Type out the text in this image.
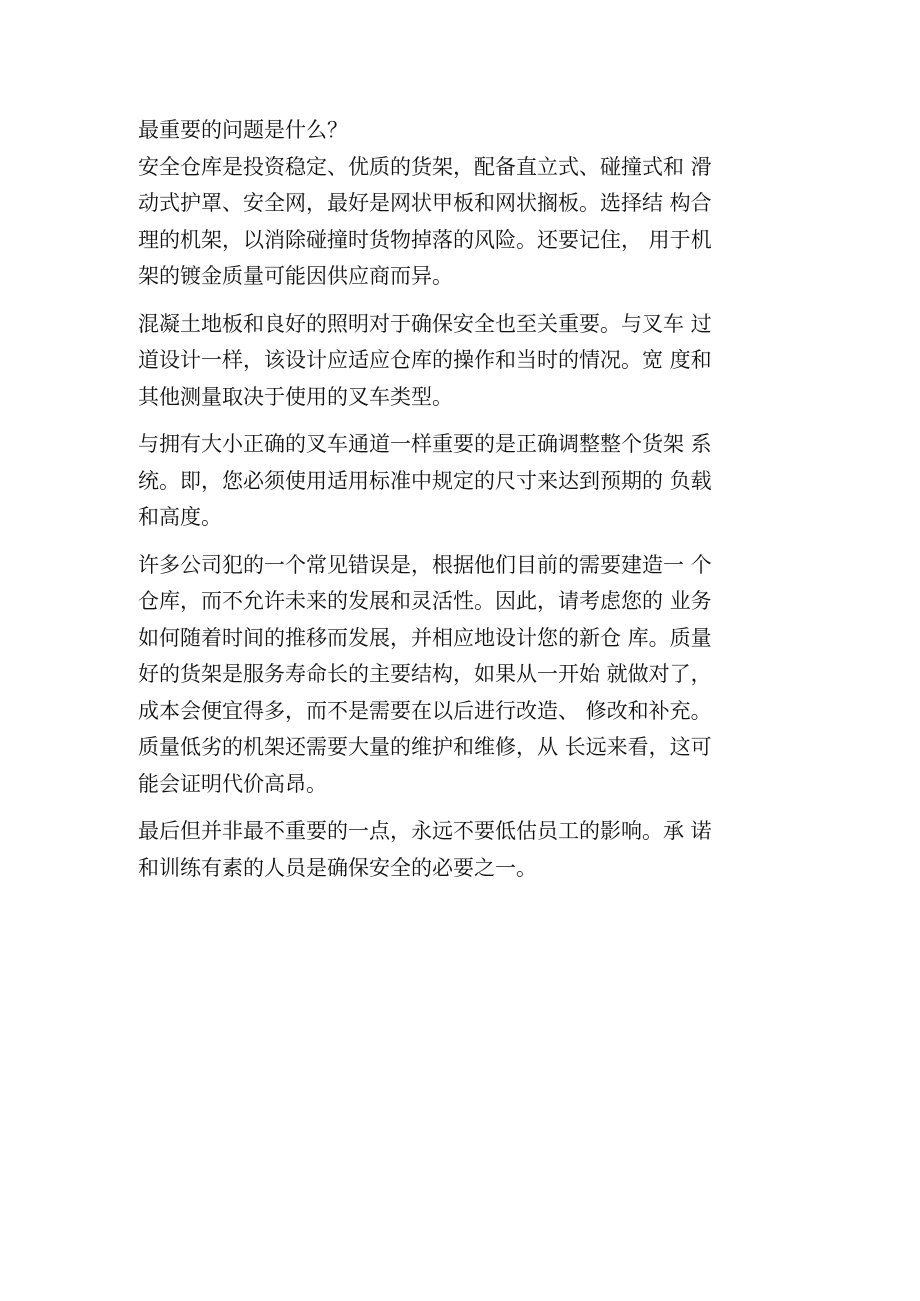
最重要的问题是什么？
安全仓库是投资稳定、优质的货架，配备直立式、碰撞式和 滑
动式护罩、安全网，最好是网状甲板和网状搁板。选择结 构合
理的机架，以消除碰撞时货物掉落的风险。还要记住， 用于机
架的镀金质量可能因供应商而异。
混凝土地板和良好的照明对于确保安全也至关重要。与叉车 过
道设计一样，该设计应适应仓库的操作和当时的情况。宽 度和
其他测量取决于使用的叉车类型。
与拥有大小正确的叉车通道一样重要的是正确调整整个货架 系
统。即，您必须使用适用标准中规定的尺寸来达到预期的 负载
和高度。
许多公司犯的一个常见错误是，根据他们目前的需要建造一 个
仓库，而不允许未来的发展和灵活性。因此，请考虑您的 业务
如何随着时间的推移而发展，并相应地设计您的新仓 库。质量
好的货架是服务寿命长的主要结构，如果从一开始 就做对了，
成本会便宜得多，而不是需要在以后进行改造、 修改和补充。
质量低劣的机架还需要大量的维护和维修，从 长远来看，这可
能会证明代价高昂。
最后但并非最不重要的一点，永远不要低估员工的影响。承 诺
和训练有素的人员是确保安全的必要之一。
